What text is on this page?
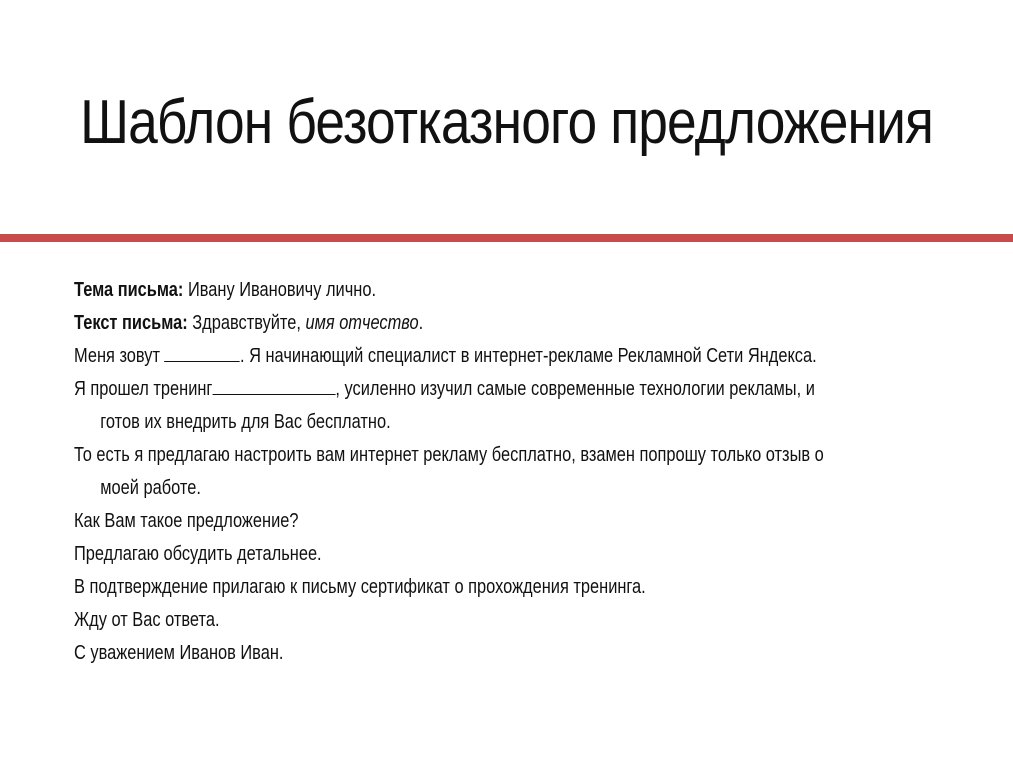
Шаблон безотказного предложения
Тема письма: Ивану Ивановичу лично.
Текст письма: Здравствуйте, имя отчество.
Меня зовут	. Я начинающий специалист в интернет-рекламе Рекламной Сети Яндекса.
Я прошел тренинг	, усиленно изучил самые современные технологии рекламы, и
готов их внедрить для Вас бесплатно.
То есть я предлагаю настроить вам интернет рекламу бесплатно, взамен попрошу только отзыв о
моей работе.
Как Вам такое предложение?
Предлагаю обсудить детальнее.
В подтверждение прилагаю к письму сертификат о прохождения тренинга.
Жду от Вас ответа.
С уважением Иванов Иван.
